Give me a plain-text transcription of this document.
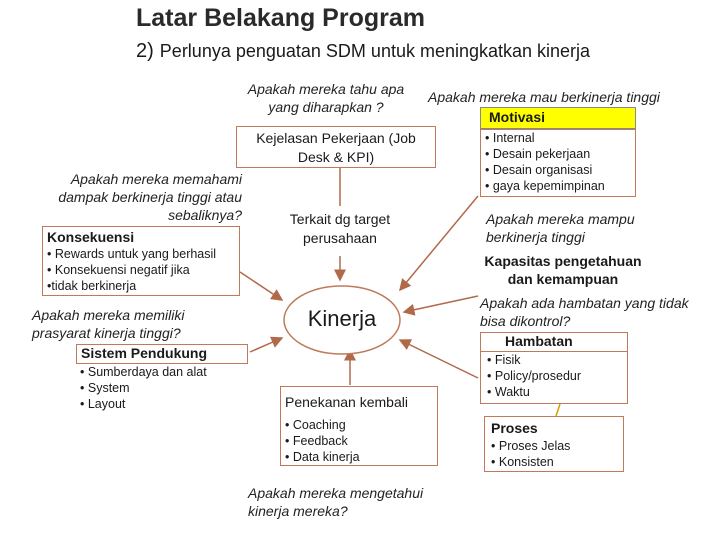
Latar Belakang Program
2) Perlunya penguatan SDM untuk meningkatkan kinerja
Apakah mereka tahu apa yang diharapkan ?
Apakah mereka mau berkinerja tinggi
Kejelasan Pekerjaan (Job Desk & KPI)
Terkait dg target perusahaan
Kinerja
Motivasi
• Internal
• Desain pekerjaan
• Desain organisasi
• gaya kepemimpinan
Apakah mereka memahami dampak berkinerja tinggi atau sebaliknya?
Konsekuensi
• Rewards untuk yang berhasil
• Konsekuensi negatif jika
•tidak berkinerja
Apakah mereka memiliki prasyarat kinerja tinggi?
Sistem Pendukung
• Sumberdaya dan alat
• System
• Layout
Apakah mereka mampu berkinerja tinggi
Kapasitas pengetahuan dan kemampuan
Apakah ada hambatan yang tidak bisa dikontrol?
Hambatan
• Fisik
• Policy/prosedur
• Waktu
Proses
• Proses Jelas
• Konsisten
Penekanan kembali
• Coaching
• Feedback
• Data kinerja
Apakah mereka mengetahui kinerja mereka?
